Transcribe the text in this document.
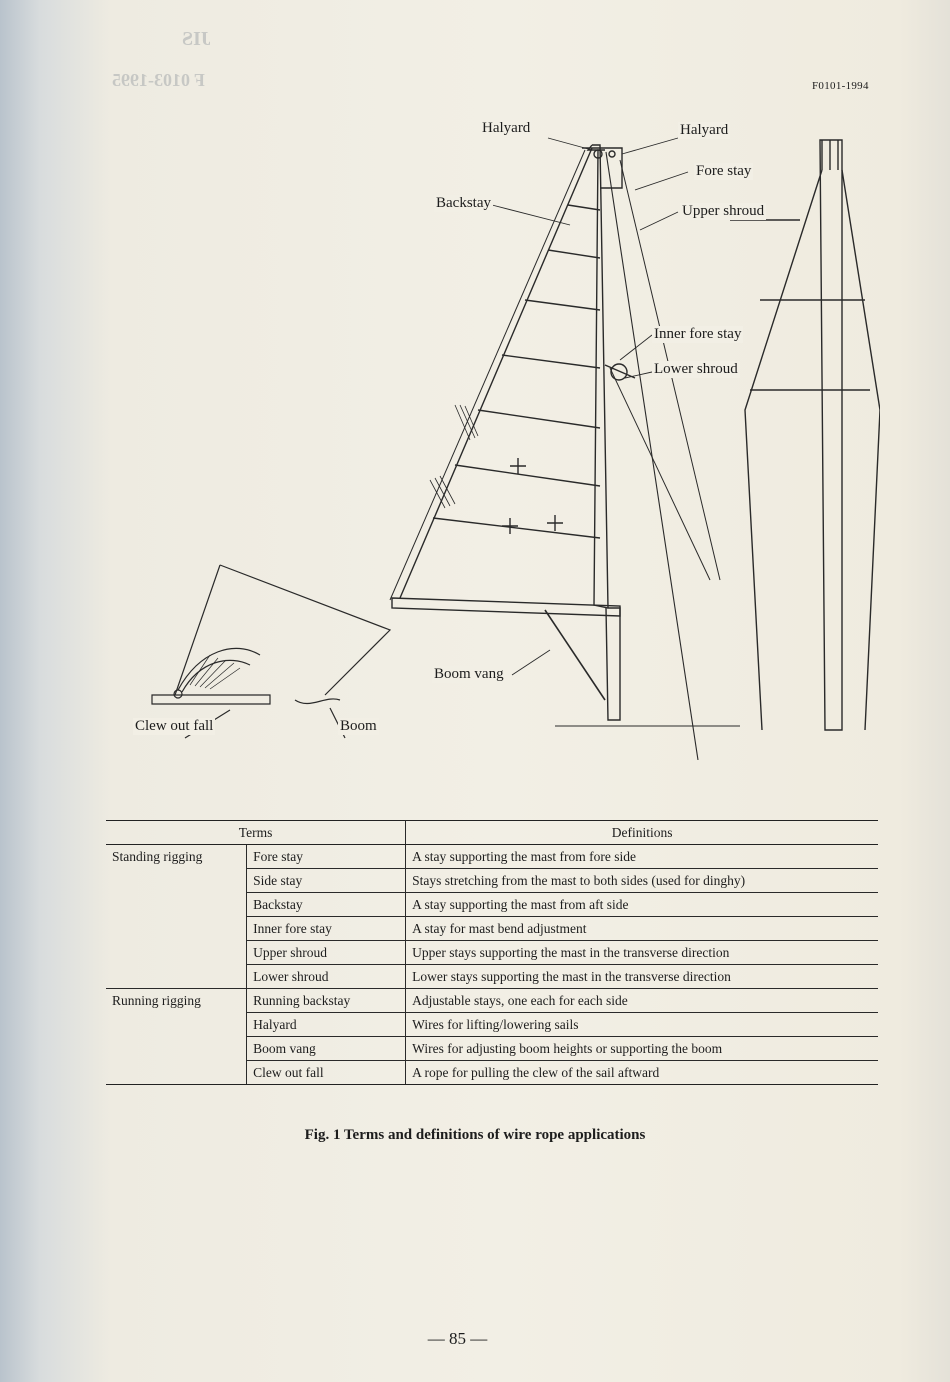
JIS
F 0103-1995	F0101-1994
Halyard	Halyard
Fore stay
Backstay	Upper shroud
Inner fore stay
Lower shroud
Boom vang
Clew out fall	Boom
Terms		Definitions
Standing rigging	Fore stay	A stay supporting the mast from fore side
	Side stay	Stays stretching from the mast to both sides (used for dinghy)
	Backstay	A stay supporting the mast from aft side
	Inner fore stay	A stay for mast bend adjustment
	Upper shroud	Upper stays supporting the mast in the transverse direction
	Lower shroud	Lower stays supporting the mast in the transverse direction
Running rigging	Running backstay	Adjustable stays, one each for each side
	Halyard	Wires for lifting/lowering sails
	Boom vang	Wires for adjusting boom heights or supporting the boom
	Clew out fall	A rope for pulling the clew of the sail aftward
Fig. 1 Terms and definitions of wire rope applications
— 85 —
